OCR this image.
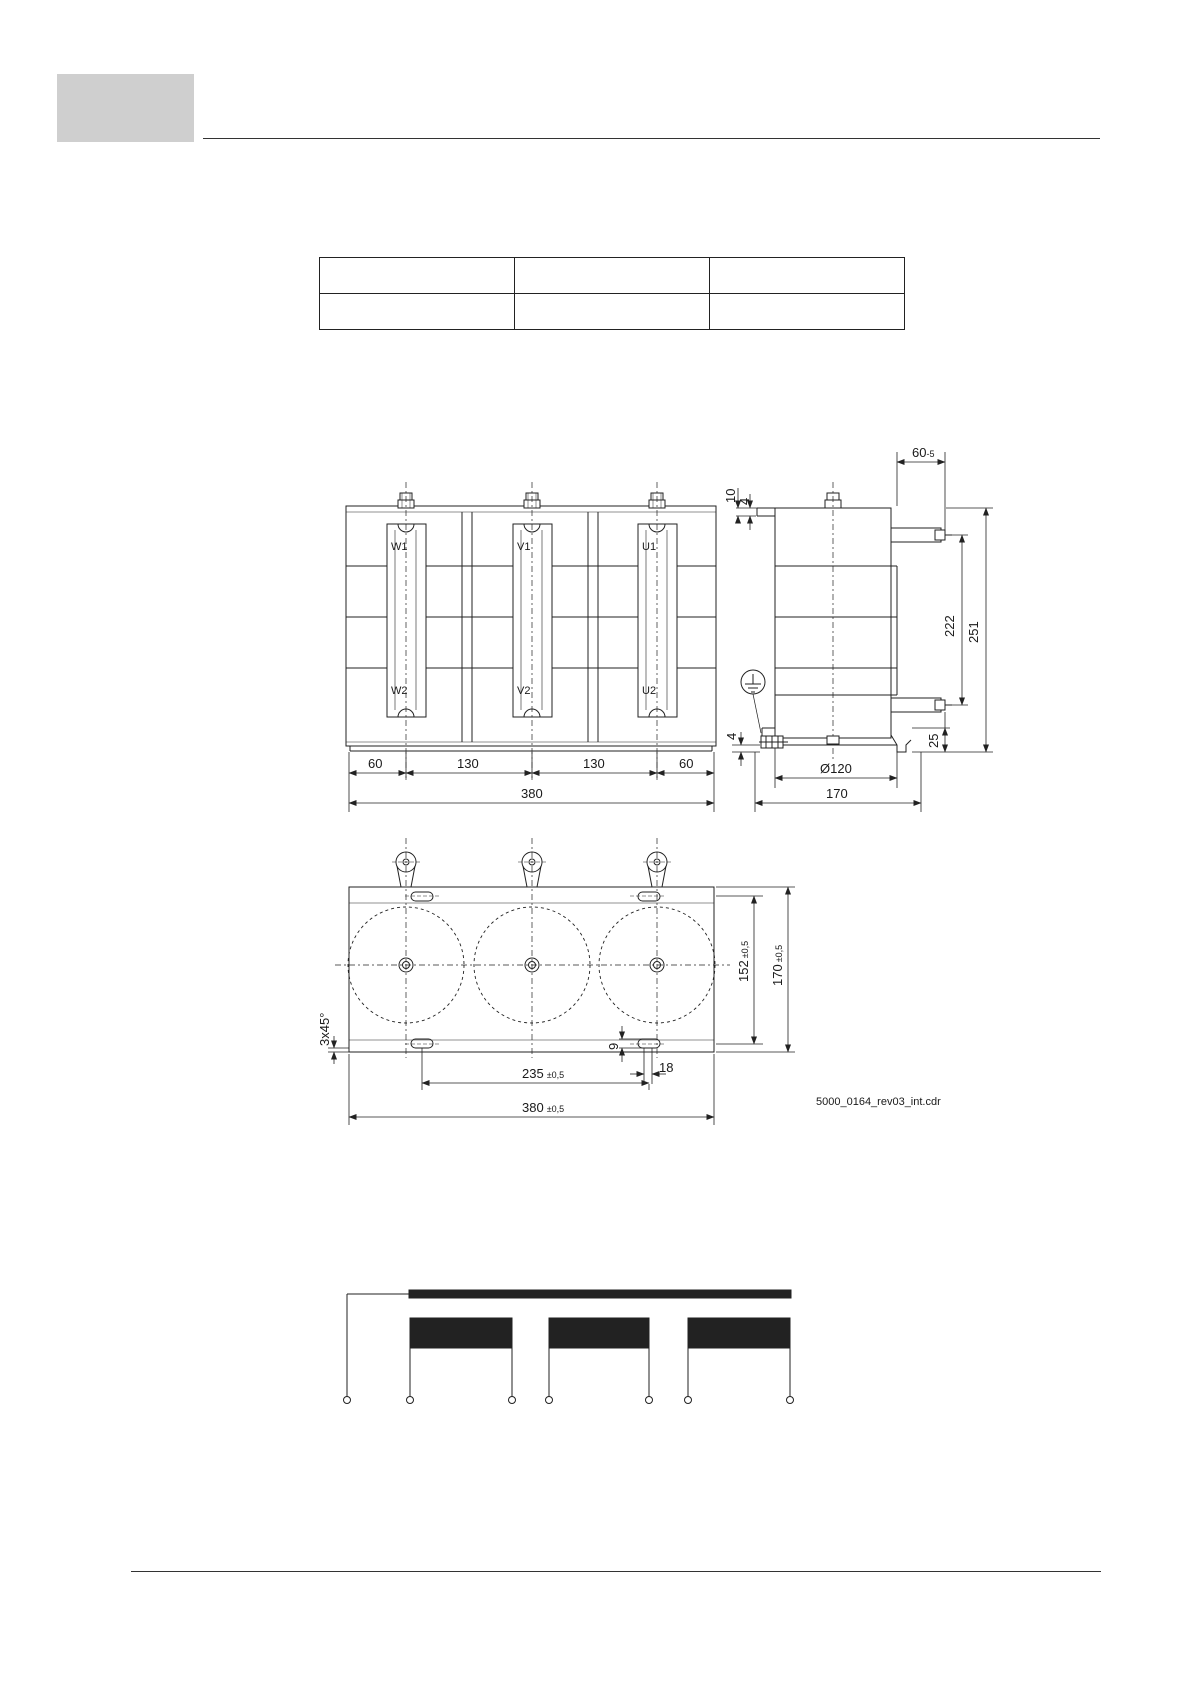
W1	V1	U1
W2	V2	U2
60	130	130	60
380
60-5
10 4
222 251
4	25
Ø120
170
152±0,5
170±0,5
3x45°
9
18
235 ±0,5
380 ±0,5
5000_0164_rev03_int.cdr
